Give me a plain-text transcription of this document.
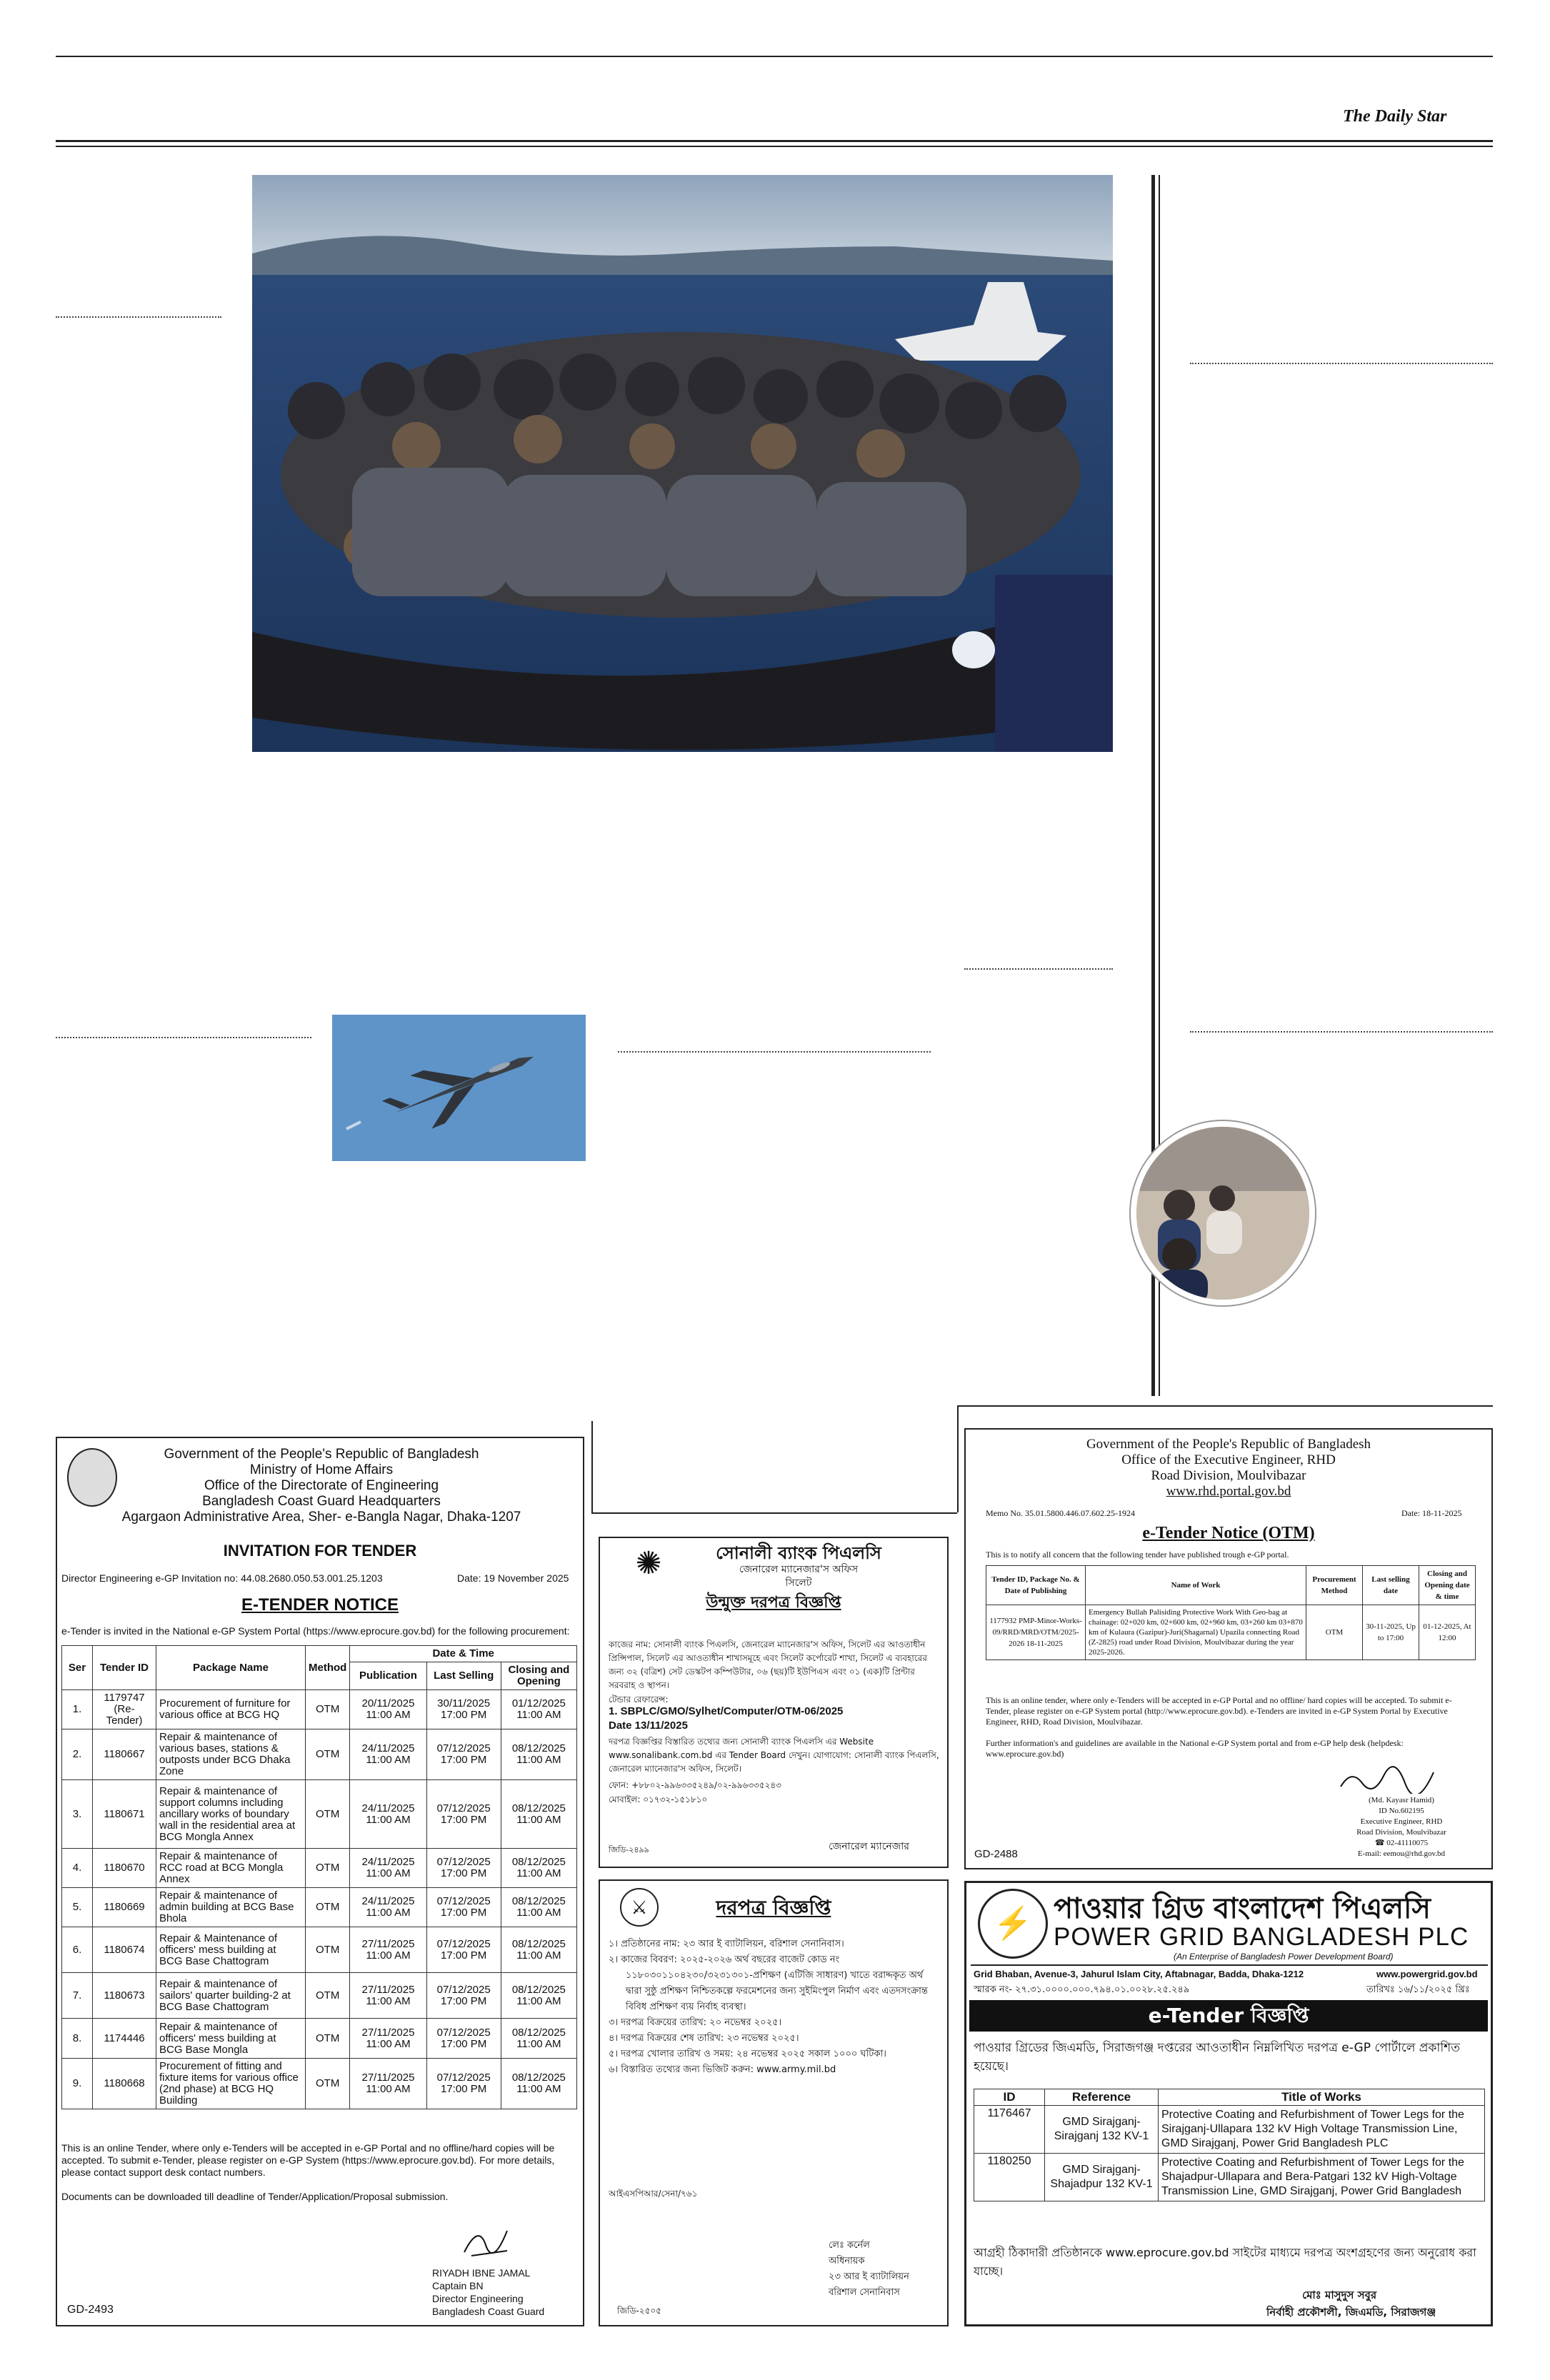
The Daily Star
Government of the People's Republic of Bangladesh
Ministry of Home Affairs
Office of the Directorate of Engineering
Bangladesh Coast Guard Headquarters
Agargaon Administrative Area, Sher- e-Bangla Nagar, Dhaka-1207
INVITATION FOR TENDER
Director Engineering e-GP Invitation no: 44.08.2680.050.53.001.25.1203	Date: 19 November 2025
E-TENDER NOTICE
e-Tender is invited in the National e-GP System Portal (https://www.eprocure.gov.bd) for the following procurement:
Ser	Tender ID	Package Name	Method	Date & Time		
				Publication	Last Selling	Closing and Opening
1.	1179747 (Re-Tender)	Procurement of furniture for various office at BCG HQ	OTM	20/11/2025 11:00 AM	30/11/2025 17:00 PM	01/12/2025 11:00 AM
2.	1180667	Repair & maintenance of various bases, stations & outposts under BCG Dhaka Zone	OTM	24/11/2025 11:00 AM	07/12/2025 17:00 PM	08/12/2025 11:00 AM
3.	1180671	Repair & maintenance of support columns including ancillary works of boundary wall in the residential area at BCG Mongla Annex	OTM	24/11/2025 11:00 AM	07/12/2025 17:00 PM	08/12/2025 11:00 AM
4.	1180670	Repair & maintenance of RCC road at BCG Mongla Annex	OTM	24/11/2025 11:00 AM	07/12/2025 17:00 PM	08/12/2025 11:00 AM
5.	1180669	Repair & maintenance of admin building at BCG Base Bhola	OTM	24/11/2025 11:00 AM	07/12/2025 17:00 PM	08/12/2025 11:00 AM
6.	1180674	Repair & Maintenance of officers' mess building at BCG Base Chattogram	OTM	27/11/2025 11:00 AM	07/12/2025 17:00 PM	08/12/2025 11:00 AM
7.	1180673	Repair & maintenance of sailors' quarter building-2 at BCG Base Chattogram	OTM	27/11/2025 11:00 AM	07/12/2025 17:00 PM	08/12/2025 11:00 AM
8.	1174446	Repair & maintenance of officers' mess building at BCG Base Mongla	OTM	27/11/2025 11:00 AM	07/12/2025 17:00 PM	08/12/2025 11:00 AM
9.	1180668	Procurement of fitting and fixture items for various office (2nd phase) at BCG HQ Building	OTM	27/11/2025 11:00 AM	07/12/2025 17:00 PM	08/12/2025 11:00 AM
This is an online Tender, where only e-Tenders will be accepted in e-GP Portal and no offline/hard copies will be accepted. To submit e-Tender, please register on e-GP System (https://www.eprocure.gov.bd). For more details, please contact support desk contact numbers.
Documents can be downloaded till deadline of Tender/Application/Proposal submission.
RIYADH IBNE JAMAL
Captain BN
Director Engineering
Bangladesh Coast Guard
GD-2493
✺	সোনালী ব্যাংক পিএলসি
জেনারেল ম্যানেজার'স অফিস
সিলেট
উন্মুক্ত দরপত্র বিজ্ঞপ্তি
কাজের নাম: সোনালী ব্যাংক পিএলসি, জেনারেল ম্যানেজার'স অফিস, সিলেট এর আওতাধীন প্রিন্সিপাল, সিলেট এর আওতাধীন শাখাসমূহে এবং সিলেট কর্পোরেট শাখা, সিলেট এ ব্যবহারের জন্য ৩২ (বত্রিশ) সেট ডেস্কটপ কম্পিউটার, ০৬ (ছয়)টি ইউপিএস এবং ০১ (এক)টি প্রিন্টার সরবরাহ ও স্থাপন।
টেন্ডার রেফারেন্স:
1. SBPLC/GMO/Sylhet/Computer/OTM-06/2025
Date 13/11/2025
দরপত্র বিজ্ঞপ্তির বিস্তারিত তথ্যের জন্য সোনালী ব্যাংক পিএলসি এর Website www.sonalibank.com.bd এর Tender Board দেখুন। যোগাযোগ: সোনালী ব্যাংক পিএলসি, জেনারেল ম্যানেজার'স অফিস, সিলেট।
ফোন: +৮৮০২-৯৯৬৩৩৫২৪৯/০২-৯৯৬৩৩৫২৪৩
মোবাইল: ০১৭৩২-১৫১৮১০
জেনারেল ম্যানেজার
জিডি-২৪৯৯
⚔	দরপত্র বিজ্ঞপ্তি
১। প্রতিষ্ঠানের নাম: ২৩ আর ই ব্যাটালিয়ন, বরিশাল সেনানিবাস।
২। কাজের বিবরণ: ২০২৫-২০২৬ অর্থ বছরের বাজেট কোড নং ১১৮০৩০১১০৪২৩০/৩২৩১৩০১-প্রশিক্ষণ (এটিজি সাধারণ) খাতে বরাদ্দকৃত অর্থ দ্বারা সুষ্ঠু প্রশিক্ষণ নিশ্চিতকল্পে ফরমেশনের জন্য সুইমিংপুল নির্মাণ এবং এতদসংক্রান্ত বিবিধ প্রশিক্ষণ ব্যয় নির্বাহ ব্যবস্থা।
৩। দরপত্র বিক্রয়ের তারিখ: ২০ নভেম্বর ২০২৫।
৪। দরপত্র বিক্রয়ের শেষ তারিখ: ২৩ নভেম্বর ২০২৫।
৫। দরপত্র খোলার তারিখ ও সময়: ২৪ নভেম্বর ২০২৫ সকাল ১০০০ ঘটিকা।
৬। বিস্তারিত তথ্যের জন্য ভিজিট করুন: www.army.mil.bd
আইএসপিআর/সেনা/৭৬১
লেঃ কর্নেল
অধিনায়ক
২৩ আর ই ব্যাটালিয়ন
বরিশাল সেনানিবাস
জিডি-২৫০৫
Government of the People's Republic of Bangladesh
Office of the Executive Engineer, RHD
Road Division, Moulvibazar
www.rhd.portal.gov.bd
Memo No. 35.01.5800.446.07.602.25-1924	Date: 18-11-2025
e-Tender Notice (OTM)
This is to notify all concern that the following tender have published trough e-GP portal.
Tender ID, Package No. & Date of Publishing	Name of Work	Procurement Method	Last selling date	Closing and Opening date & time
1177932 PMP-Minor-Works-09/RRD/MRD/OTM/2025-2026 18-11-2025	Emergency Bullah Palisiding Protective Work With Geo-bag at chainage: 02+020 km, 02+600 km, 02+960 km, 03+260 km 03+870 km of Kulaura (Gazipur)-Juri(Shagarnal) Upazila connecting Road (Z-2825) road under Road Division, Moulvibazar during the year 2025-2026.	OTM	30-11-2025, Up to 17:00	01-12-2025, At 12:00
This is an online tender, where only e-Tenders will be accepted in e-GP Portal and no offline/ hard copies will be accepted. To submit e-Tender, please register on e-GP System portal (http://www.eprocure.gov.bd). e-Tenders are invited in e-GP System Portal by Executive Engineer, RHD, Road Division, Moulvibazar.
Further information's and guidelines are available in the National e-GP System portal and from e-GP help desk (helpdesk: www.eprocure.gov.bd)
(Md. Kayasr Hamid)
ID No.602195
Executive Engineer, RHD
Road Division, Moulvibazar
☎ 02-41110075
E-mail: eemou@rhd.gov.bd
GD-2488
⚡ পাওয়ার গ্রিড বাংলাদেশ পিএলসি
POWER GRID BANGLADESH PLC
(An Enterprise of Bangladesh Power Development Board)
Grid Bhaban, Avenue-3, Jahurul Islam City, Aftabnagar, Badda, Dhaka-1212	www.powergrid.gov.bd
স্মারক নং- ২৭.৩১.০০০০.০০০.৭৯৪.০১.০০২৮.২৫.২৪৯	তারিখঃ ১৬/১১/২০২৫ খ্রিঃ
e-Tender বিজ্ঞপ্তি
পাওয়ার গ্রিডের জিএমডি, সিরাজগঞ্জ দপ্তরের আওতাধীন নিম্নলিখিত দরপত্র e-GP পোর্টালে প্রকাশিত হয়েছে।
ID	Reference	Title of Works
1176467	GMD Sirajganj-Sirajganj 132 KV-1	Protective Coating and Refurbishment of Tower Legs for the Sirajganj-Ullapara 132 kV High Voltage Transmission Line, GMD Sirajganj, Power Grid Bangladesh PLC
1180250	GMD Sirajganj-Shajadpur 132 KV-1	Protective Coating and Refurbishment of Tower Legs for the Shajadpur-Ullapara and Bera-Patgari 132 kV High-Voltage Transmission Line, GMD Sirajganj, Power Grid Bangladesh
আগ্রহী ঠিকাদারী প্রতিষ্ঠানকে www.eprocure.gov.bd সাইটের মাধ্যমে দরপত্র অংশগ্রহণের জন্য অনুরোধ করা যাচ্ছে।
মোঃ মাসুদুস সবুর
নির্বাহী প্রকৌশলী, জিএমডি, সিরাজগঞ্জ
